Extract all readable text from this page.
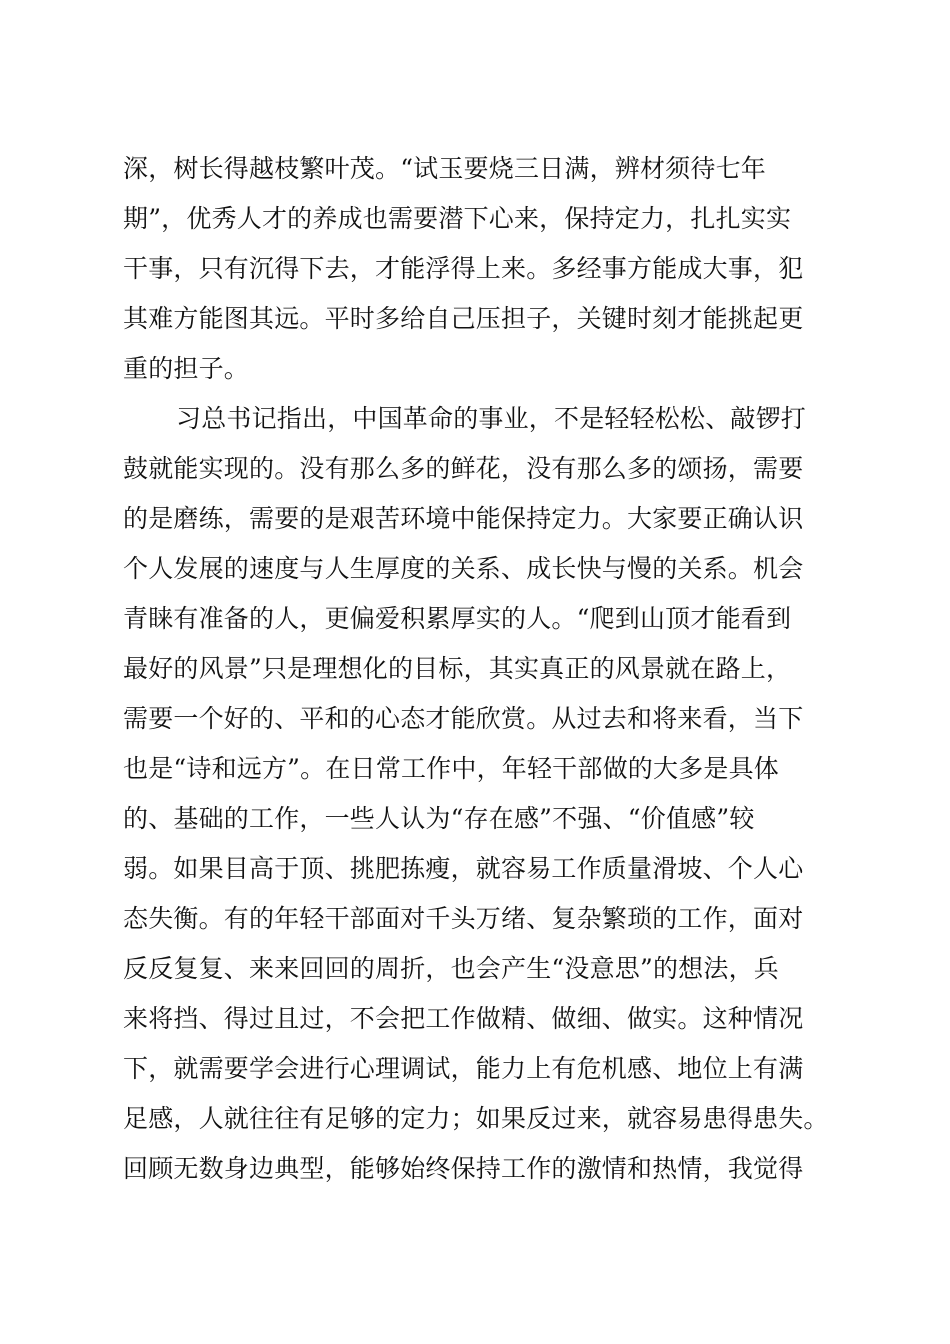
深，树长得越枝繁叶茂。“试玉要烧三日满，辨材须待七年
期”，优秀人才的养成也需要潜下心来，保持定力，扎扎实实
干事，只有沉得下去，才能浮得上来。多经事方能成大事，犯
其难方能图其远。平时多给自己压担子，关键时刻才能挑起更
重的担子。
习总书记指出，中国革命的事业，不是轻轻松松、敲锣打
鼓就能实现的。没有那么多的鲜花，没有那么多的颂扬，需要
的是磨练，需要的是艰苦环境中能保持定力。大家要正确认识
个人发展的速度与人生厚度的关系、成长快与慢的关系。机会
青睐有准备的人，更偏爱积累厚实的人。“爬到山顶才能看到
最好的风景”只是理想化的目标，其实真正的风景就在路上，
需要一个好的、平和的心态才能欣赏。从过去和将来看，当下
也是“诗和远方”。在日常工作中，年轻干部做的大多是具体
的、基础的工作，一些人认为“存在感”不强、“价值感”较
弱。如果目高于顶、挑肥拣瘦，就容易工作质量滑坡、个人心
态失衡。有的年轻干部面对千头万绪、复杂繁琐的工作，面对
反反复复、来来回回的周折，也会产生“没意思”的想法，兵
来将挡、得过且过，不会把工作做精、做细、做实。这种情况
下，就需要学会进行心理调试，能力上有危机感、地位上有满
足感，人就往往有足够的定力；如果反过来，就容易患得患失。
回顾无数身边典型，能够始终保持工作的激情和热情，我觉得
